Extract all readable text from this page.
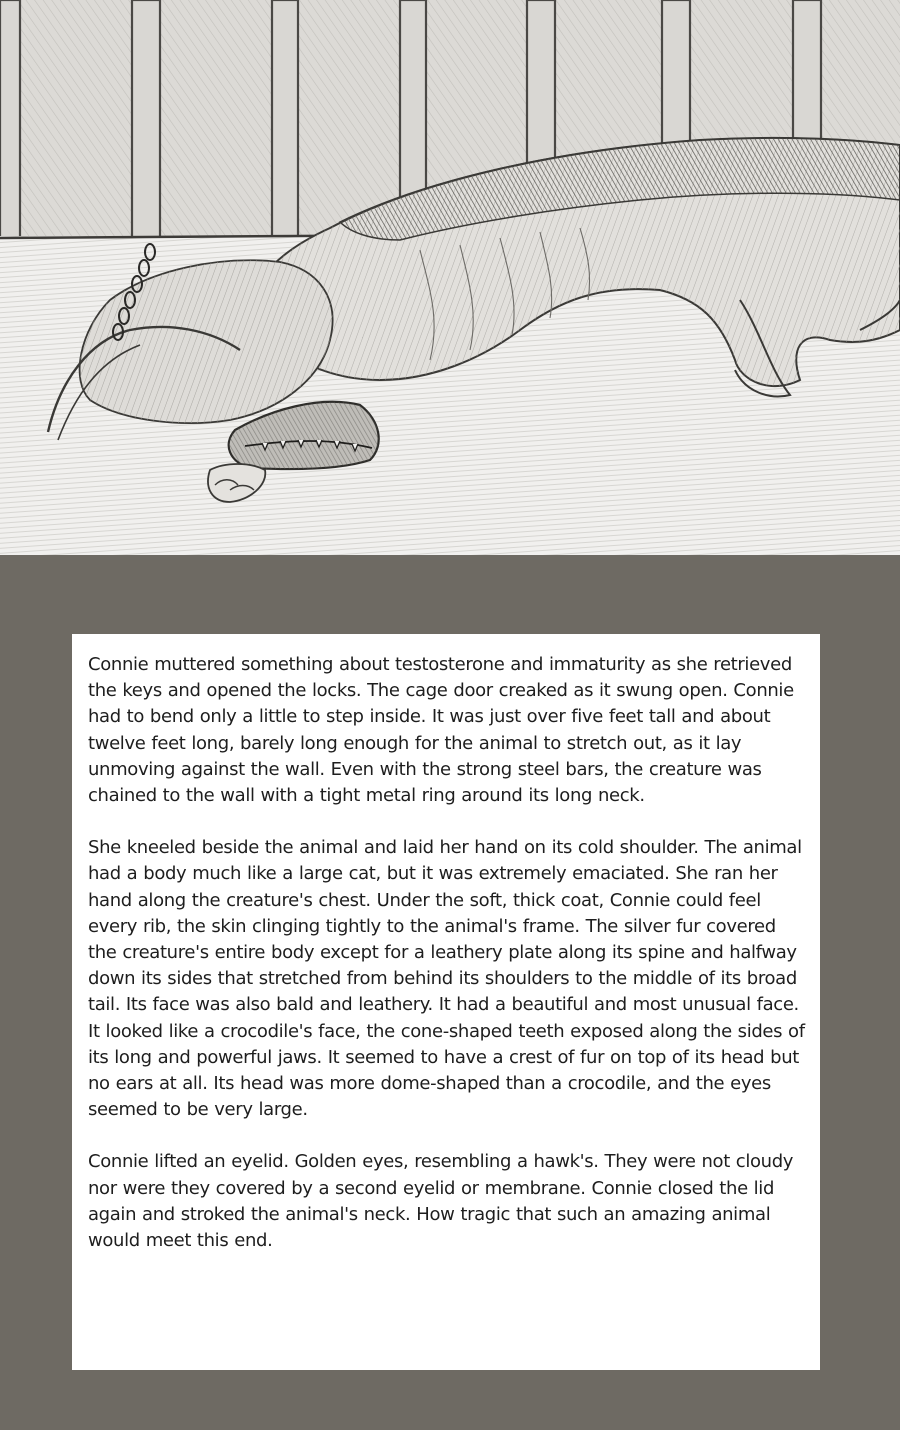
Connie muttered something about testosterone and immaturity as she retrieved the keys and opened the locks. The cage door creaked as it swung open. Connie had to bend only a little to step inside. It was just over five feet tall and about twelve feet long, barely long enough for the animal to stretch out, as it lay unmoving against the wall. Even with the strong steel bars, the creature was chained to the wall with a tight metal ring around its long neck.

She kneeled beside the animal and laid her hand on its cold shoulder. The animal had a body much like a large cat, but it was extremely emaciated. She ran her hand along the creature's chest. Under the soft, thick coat, Connie could feel every rib, the skin clinging tightly to the animal's frame. The silver fur covered the creature's entire body except for a leathery plate along its spine and halfway down its sides that stretched from behind its shoulders to the middle of its broad tail. Its face was also bald and leathery. It had a beautiful and most unusual face. It looked like a crocodile's face, the cone-shaped teeth exposed along the sides of its long and powerful jaws. It seemed to have a crest of fur on top of its head but no ears at all. Its head was more dome-shaped than a crocodile, and the eyes seemed to be very large.

Connie lifted an eyelid. Golden eyes, resembling a hawk's. They were not cloudy nor were they covered by a second eyelid or membrane. Connie closed the lid again and stroked the animal's neck. How tragic that such an amazing animal would meet this end.
